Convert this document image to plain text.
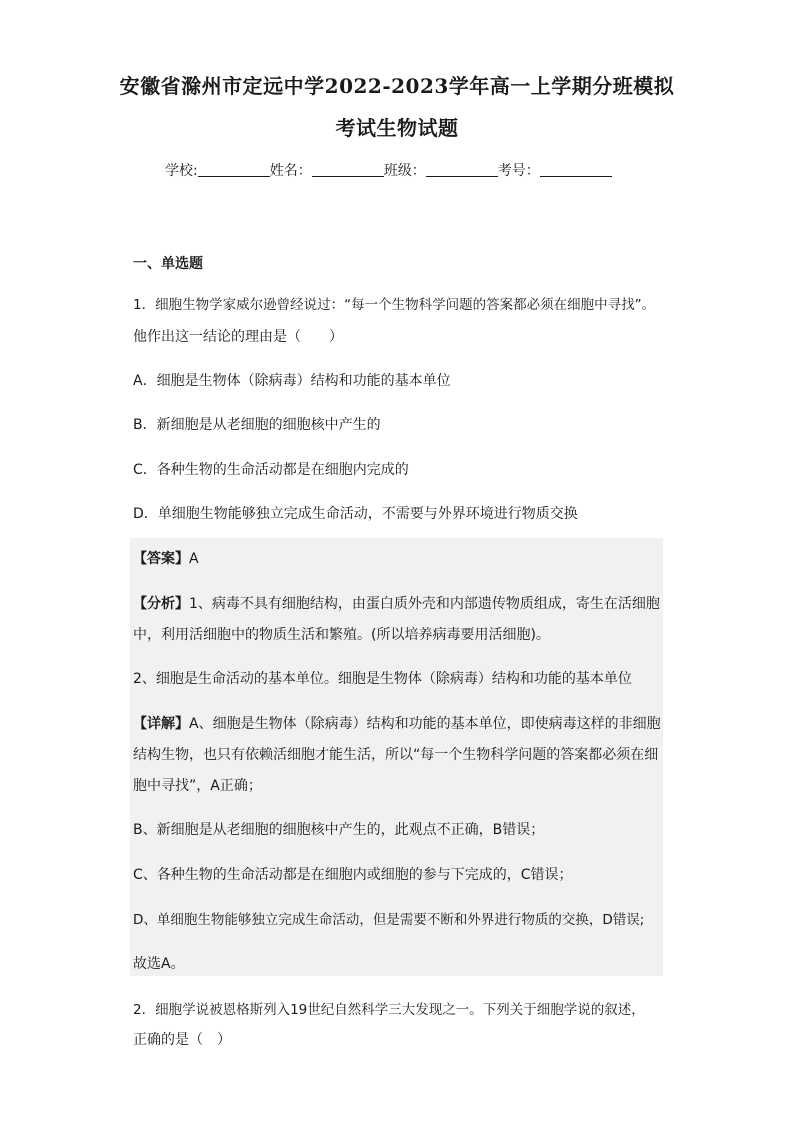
安徽省滁州市定远中学2022-2023学年高一上学期分班模拟
考试生物试题
学校:	姓名：	班级：	考号：
一、单选题
1．细胞生物学家威尔逊曾经说过：“每一个生物科学问题的答案都必须在细胞中寻找”。
他作出这一结论的理由是（　　）
A．细胞是生物体（除病毒）结构和功能的基本单位
B．新细胞是从老细胞的细胞核中产生的
C．各种生物的生命活动都是在细胞内完成的
D．单细胞生物能够独立完成生命活动，不需要与外界环境进行物质交换
【答案】A
【分析】1、病毒不具有细胞结构，由蛋白质外壳和内部遗传物质组成，寄生在活细胞
中，利用活细胞中的物质生活和繁殖。(所以培养病毒要用活细胞)。
2、细胞是生命活动的基本单位。细胞是生物体（除病毒）结构和功能的基本单位
【详解】A、细胞是生物体（除病毒）结构和功能的基本单位，即使病毒这样的非细胞
结构生物，也只有依赖活细胞才能生活，所以“每一个生物科学问题的答案都必须在细
胞中寻找”，A正确；
B、新细胞是从老细胞的细胞核中产生的，此观点不正确，B错误；
C、各种生物的生命活动都是在细胞内或细胞的参与下完成的，C错误；
D、单细胞生物能够独立完成生命活动，但是需要不断和外界进行物质的交换，D错误;
故选A。
2．细胞学说被恩格斯列入19世纪自然科学三大发现之一。下列关于细胞学说的叙述，
正确的是（　）
